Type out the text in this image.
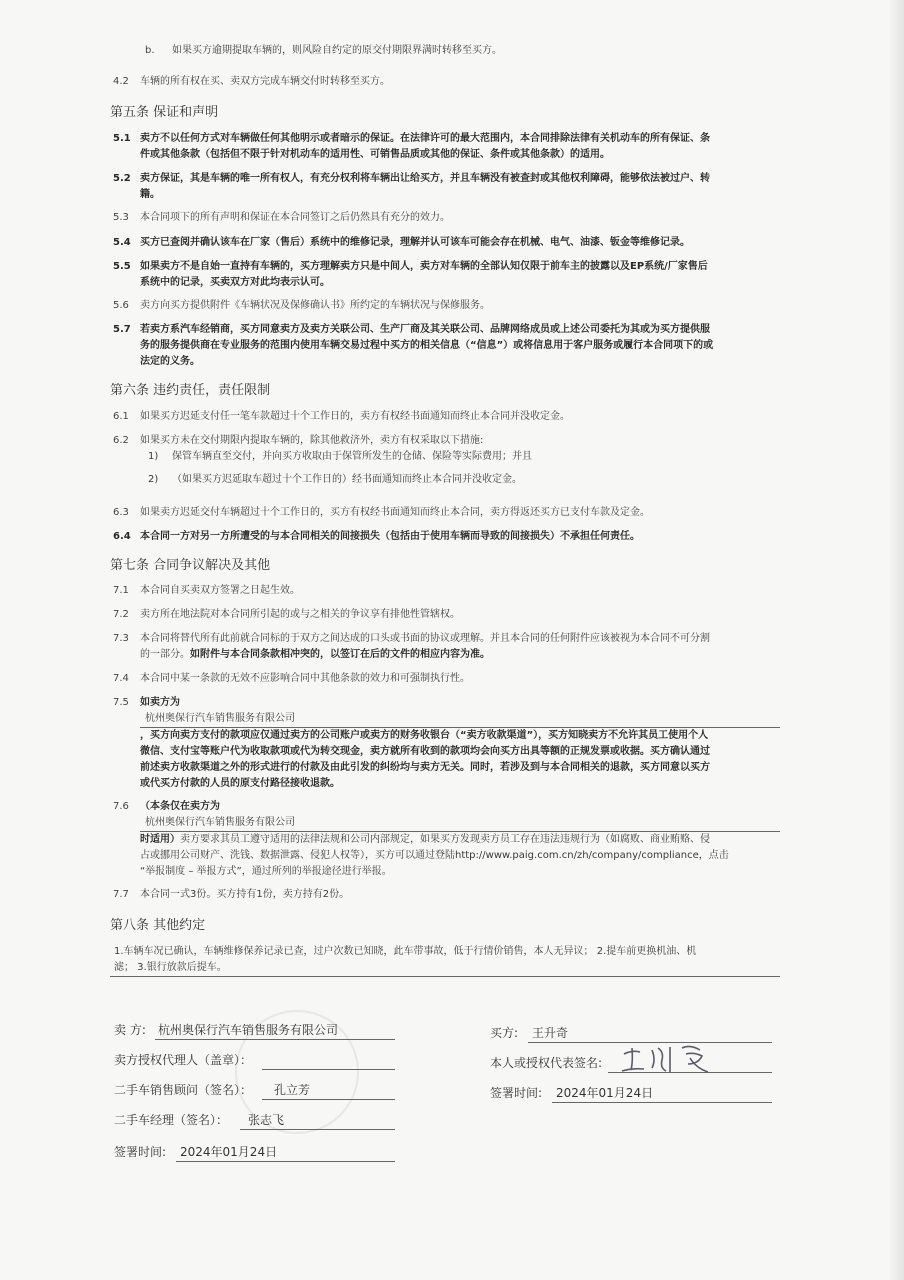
b. 如果买方逾期提取车辆的，则风险自约定的原交付期限界满时转移至买方。
4.2 车辆的所有权在买、卖双方完成车辆交付时转移至买方。
第五条 保证和声明
5.1 卖方不以任何方式对车辆做任何其他明示或者暗示的保证。在法律许可的最大范围内，本合同排除法律有关机动车的所有保证、条
件或其他条款（包括但不限于针对机动车的适用性、可销售品质或其他的保证、条件或其他条款）的适用。
5.2 卖方保证，其是车辆的唯一所有权人，有充分权利将车辆出让给买方，并且车辆没有被查封或其他权利障碍，能够依法被过户、转
籍。
5.3 本合同项下的所有声明和保证在本合同签订之后仍然具有充分的效力。
5.4 买方已查阅并确认该车在厂家（售后）系统中的维修记录，理解并认可该车可能会存在机械、电气、油漆、钣金等维修记录。
5.5 如果卖方不是自始一直持有车辆的，买方理解卖方只是中间人，卖方对车辆的全部认知仅限于前车主的披露以及EP系统/厂家售后
系统中的记录，买卖双方对此均表示认可。
5.6 卖方向买方提供附件《车辆状况及保修确认书》所约定的车辆状况与保修服务。
5.7 若卖方系汽车经销商，买方同意卖方及卖方关联公司、生产厂商及其关联公司、品牌网络成员或上述公司委托为其或为买方提供服
务的服务提供商在专业服务的范围内使用车辆交易过程中买方的相关信息（“信息”）或将信息用于客户服务或履行本合同项下的或
法定的义务。
第六条 违约责任，责任限制
6.1 如果买方迟延支付任一笔车款超过十个工作日的，卖方有权经书面通知而终止本合同并没收定金。
6.2 如果买方未在交付期限内提取车辆的，除其他救济外，卖方有权采取以下措施:
1) 保管车辆直至交付，并向买方收取由于保管所发生的仓储、保险等实际费用；并且
2) （如果买方迟延取车超过十个工作日的）经书面通知而终止本合同并没收定金。
6.3 如果卖方迟延交付车辆超过十个工作日的，买方有权经书面通知而终止本合同，卖方得返还买方已支付车款及定金。
6.4 本合同一方对另一方所遭受的与本合同相关的间接损失（包括由于使用车辆而导致的间接损失）不承担任何责任。
第七条 合同争议解决及其他
7.1 本合同自买卖双方签署之日起生效。
7.2 卖方所在地法院对本合同所引起的或与之相关的争议享有排他性管辖权。
7.3 本合同将替代所有此前就合同标的于双方之间达成的口头或书面的协议或理解。并且本合同的任何附件应该被视为本合同不可分割
的一部分。如附件与本合同条款相冲突的，以签订在后的文件的相应内容为准。
7.4 本合同中某一条款的无效不应影响合同中其他条款的效力和可强制执行性。
7.5 如卖方为
杭州奥保行汽车销售服务有限公司
，买方向卖方支付的款项应仅通过卖方的公司账户或卖方的财务收银台（“卖方收款渠道”），买方知晓卖方不允许其员工使用个人
微信、支付宝等账户代为收取款项或代为转交现金，卖方就所有收到的款项均会向买方出具等额的正规发票或收据。买方确认通过
前述卖方收款渠道之外的形式进行的付款及由此引发的纠纷均与卖方无关。同时，若涉及到与本合同相关的退款，买方同意以买方
或代买方付款的人员的原支付路径接收退款。
7.6 （本条仅在卖方为
杭州奥保行汽车销售服务有限公司
时适用）卖方要求其员工遵守适用的法律法规和公司内部规定，如果买方发现卖方员工存在违法违规行为（如腐败、商业贿赂、侵
占或挪用公司财产、洗钱、数据泄露、侵犯人权等），买方可以通过登陆http://www.paig.com.cn/zh/company/compliance，点击
“举报制度 – 举报方式”，通过所列的举报途径进行举报。
7.7 本合同一式3份。买方持有1份，卖方持有2份。
第八条 其他约定
1.车辆车况已确认，车辆维修保养记录已查，过户次数已知晓，此车带事故，低于行情价销售，本人无异议； 2.提车前更换机油、机
滤； 3.银行放款后提车。
卖 方: 杭州奥保行汽车销售服务有限公司
卖方授权代理人（盖章）：
二手车销售顾问（签名）： 孔立芳
二手车经理（签名）： 张志飞
签署时间: 2024年01月24日
买方: 王升奇
本人或授权代表签名:
签署时间: 2024年01月24日
